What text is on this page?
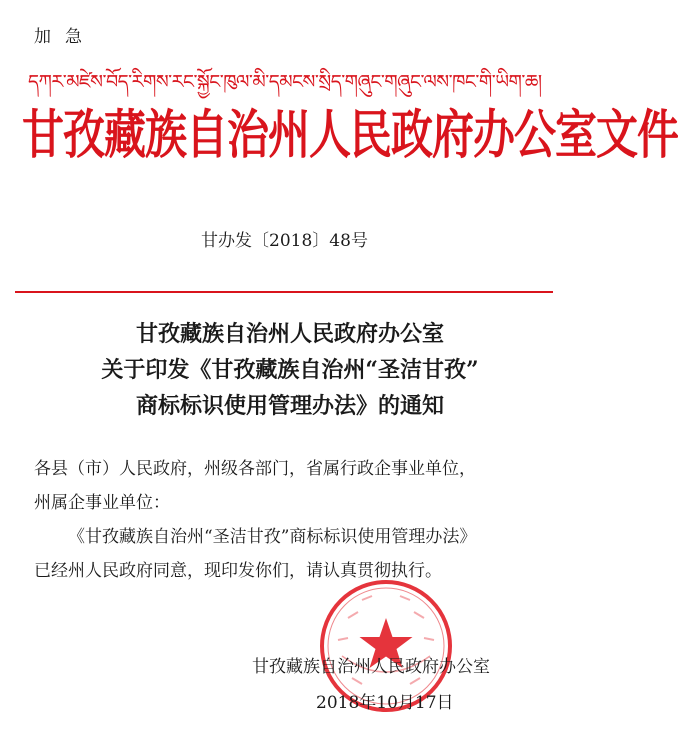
加急
དཀར་མཛེས་བོད་རིགས་རང་སྐྱོང་ཁུལ་མི་དམངས་སྲིད་གཞུང་གཞུང་ལས་ཁང་གི་ཡིག་ཆ།
甘孜藏族自治州人民政府办公室文件
甘办发〔2018〕48号
甘孜藏族自治州人民政府办公室
关于印发《甘孜藏族自治州“圣洁甘孜”
商标标识使用管理办法》的通知

各县（市）人民政府，州级各部门，省属行政企事业单位，

州属企事业单位：

《甘孜藏族自治州“圣洁甘孜”商标标识使用管理办法》

已经州人民政府同意，现印发你们，请认真贯彻执行。

甘孜藏族自治州人民政府办公室
2018年10月17日
